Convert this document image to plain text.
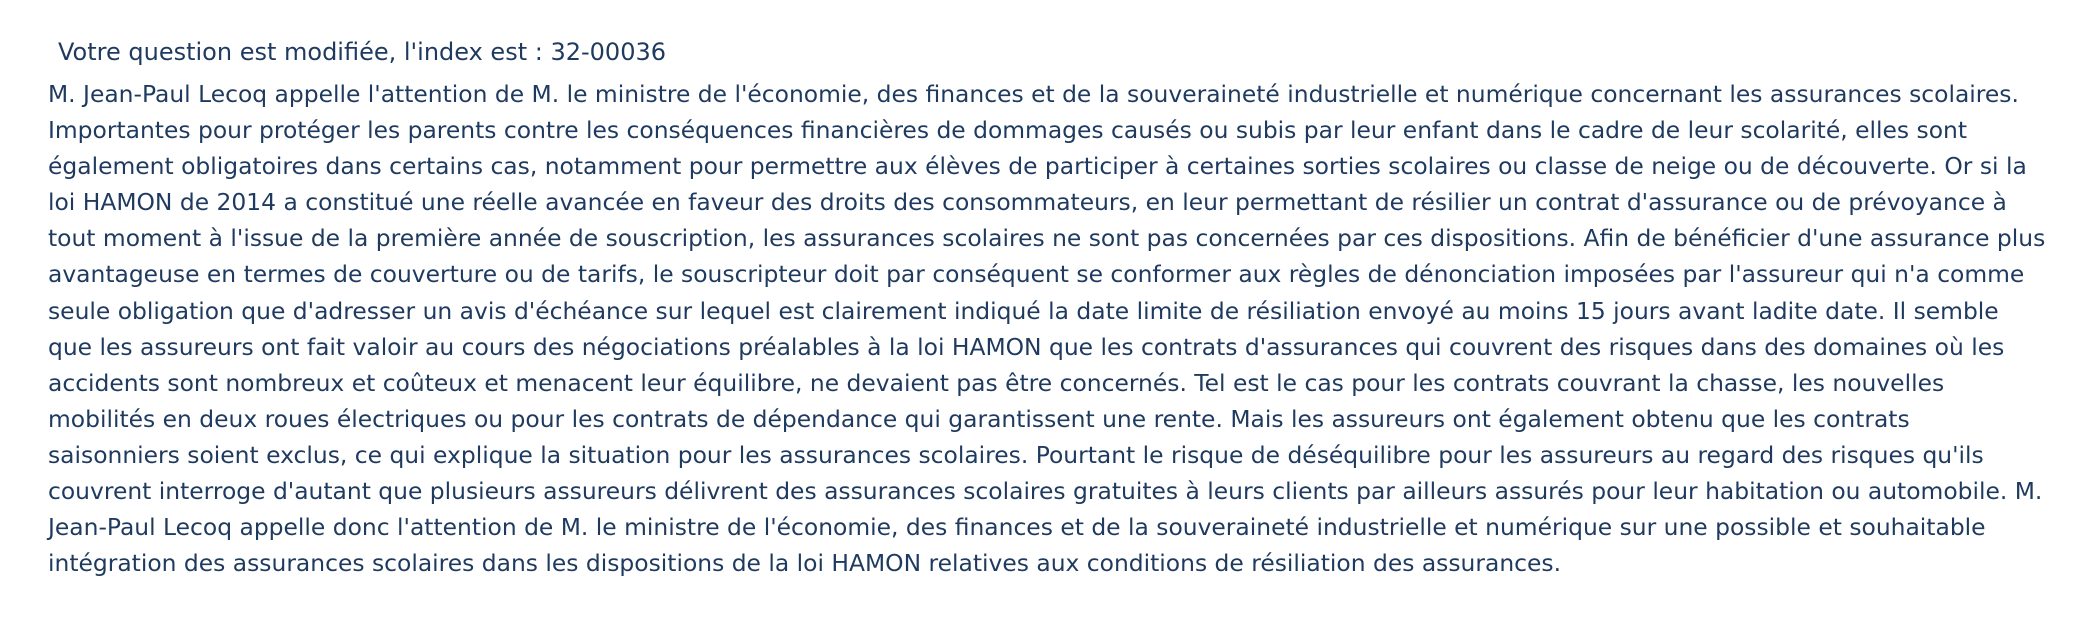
Votre question est modifiée, l'index est : 32-00036

M. Jean-Paul Lecoq appelle l'attention de M. le ministre de l'économie, des finances et de la souveraineté industrielle et numérique concernant les assurances scolaires. Importantes pour protéger les parents contre les conséquences financières de dommages causés ou subis par leur enfant dans le cadre de leur scolarité, elles sont également obligatoires dans certains cas, notamment pour permettre aux élèves de participer à certaines sorties scolaires ou classe de neige ou de découverte. Or si la loi HAMON de 2014 a constitué une réelle avancée en faveur des droits des consommateurs, en leur permettant de résilier un contrat d'assurance ou de prévoyance à tout moment à l'issue de la première année de souscription, les assurances scolaires ne sont pas concernées par ces dispositions. Afin de bénéficier d'une assurance plus avantageuse en termes de couverture ou de tarifs, le souscripteur doit par conséquent se conformer aux règles de dénonciation imposées par l'assureur qui n'a comme seule obligation que d'adresser un avis d'échéance sur lequel est clairement indiqué la date limite de résiliation envoyé au moins 15 jours avant ladite date. Il semble que les assureurs ont fait valoir au cours des négociations préalables à la loi HAMON que les contrats d'assurances qui couvrent des risques dans des domaines où les accidents sont nombreux et coûteux et menacent leur équilibre, ne devaient pas être concernés. Tel est le cas pour les contrats couvrant la chasse, les nouvelles mobilités en deux roues électriques ou pour les contrats de dépendance qui garantissent une rente. Mais les assureurs ont également obtenu que les contrats saisonniers soient exclus, ce qui explique la situation pour les assurances scolaires. Pourtant le risque de déséquilibre pour les assureurs au regard des risques qu'ils couvrent interroge d'autant que plusieurs assureurs délivrent des assurances scolaires gratuites à leurs clients par ailleurs assurés pour leur habitation ou automobile. M. Jean-Paul Lecoq appelle donc l'attention de M. le ministre de l'économie, des finances et de la souveraineté industrielle et numérique sur une possible et souhaitable intégration des assurances scolaires dans les dispositions de la loi HAMON relatives aux conditions de résiliation des assurances.
